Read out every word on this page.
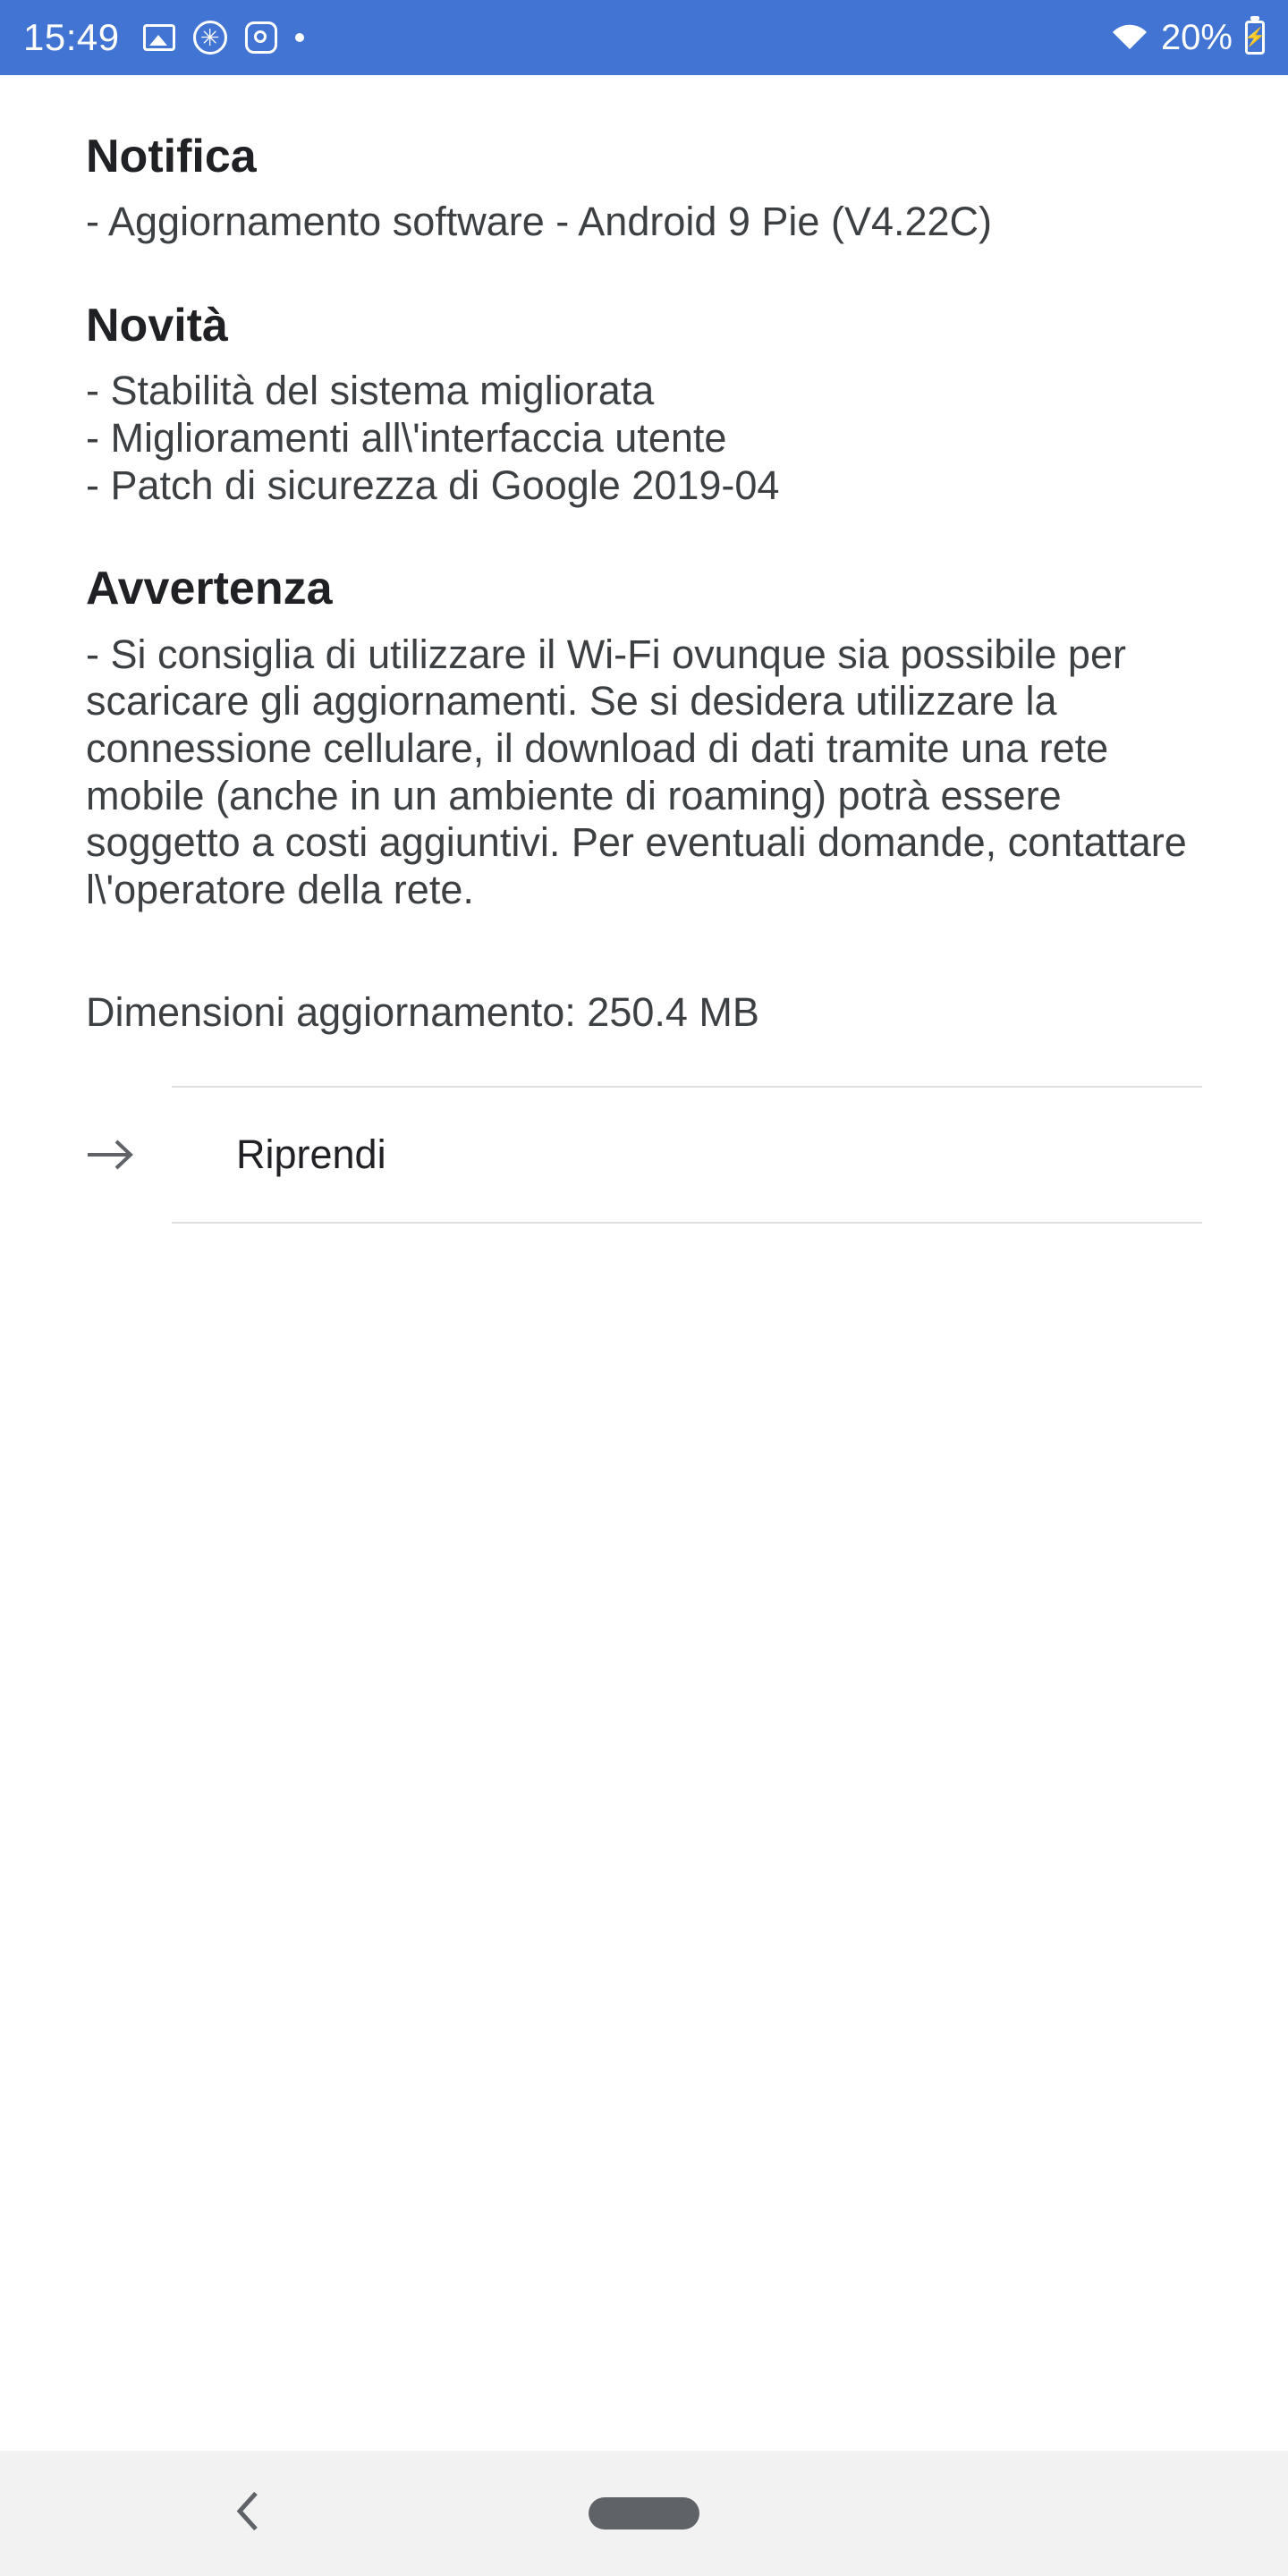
15:49	✳	20% ⚡
Notifica

- Aggiornamento software - Android 9 Pie (V4.22C)

Novità
- Stabilità del sistema migliorata
- Miglioramenti all\'interfaccia utente
- Patch di sicurezza di Google 2019-04
Avvertenza

- Si consiglia di utilizzare il Wi-Fi ovunque sia possibile per scaricare gli aggiornamenti. Se si desidera utilizzare la connessione cellulare, il download di dati tramite una rete mobile (anche in un ambiente di roaming) potrà essere soggetto a costi aggiuntivi. Per eventuali domande, contattare l\'operatore della rete.

Dimensioni aggiornamento: 250.4 MB

Riprendi
